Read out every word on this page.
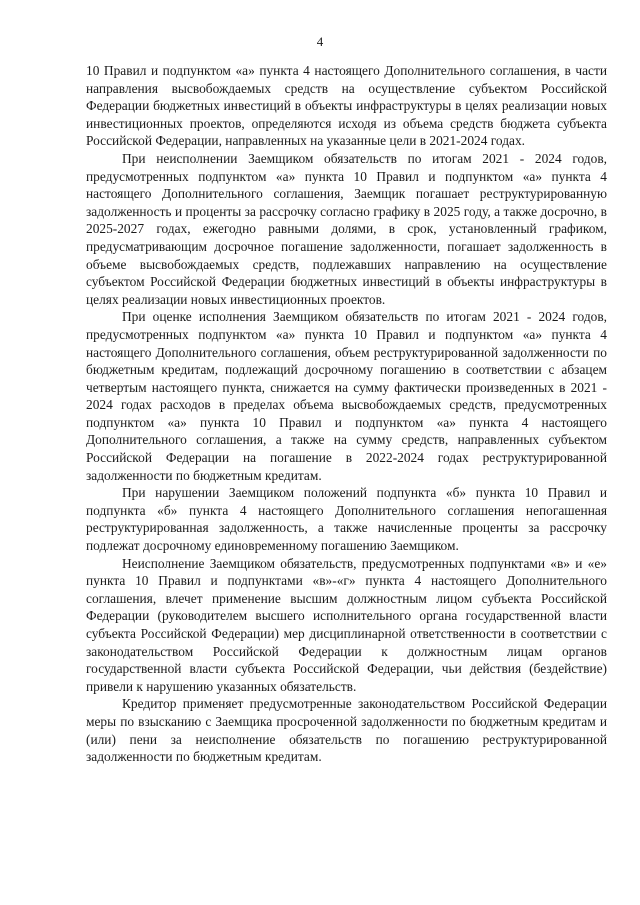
4

10 Правил и подпунктом «а» пункта 4 настоящего Дополнительного соглашения, в части направления высвобождаемых средств на осуществление субъектом Российской Федерации бюджетных инвестиций в объекты инфраструктуры в целях реализации новых инвестиционных проектов, определяются исходя из объема средств бюджета субъекта Российской Федерации, направленных на указанные цели в 2021-2024 годах.

При неисполнении Заемщиком обязательств по итогам 2021 - 2024 годов, предусмотренных подпунктом «а» пункта 10 Правил и подпунктом «а» пункта 4 настоящего Дополнительного соглашения, Заемщик погашает реструктурированную задолженность и проценты за рассрочку согласно графику в 2025 году, а также досрочно, в 2025-2027 годах, ежегодно равными долями, в срок, установленный графиком, предусматривающим досрочное погашение задолженности, погашает задолженность в объеме высвобождаемых средств, подлежавших направлению на осуществление субъектом Российской Федерации бюджетных инвестиций в объекты инфраструктуры в целях реализации новых инвестиционных проектов.

При оценке исполнения Заемщиком обязательств по итогам 2021 - 2024 годов, предусмотренных подпунктом «а» пункта 10 Правил и подпунктом «а» пункта 4 настоящего Дополнительного соглашения, объем реструктурированной задолженности по бюджетным кредитам, подлежащий досрочному погашению в соответствии с абзацем четвертым настоящего пункта, снижается на сумму фактически произведенных в 2021 - 2024 годах расходов в пределах объема высвобождаемых средств, предусмотренных подпунктом «а» пункта 10 Правил и подпунктом «а» пункта 4 настоящего Дополнительного соглашения, а также на сумму средств, направленных субъектом Российской Федерации на погашение в 2022-2024 годах реструктурированной задолженности по бюджетным кредитам.

При нарушении Заемщиком положений подпункта «б» пункта 10 Правил и подпункта «б» пункта 4 настоящего Дополнительного соглашения непогашенная реструктурированная задолженность, а также начисленные проценты за рассрочку подлежат досрочному единовременному погашению Заемщиком.

Неисполнение Заемщиком обязательств, предусмотренных подпунктами «в» и «е» пункта 10 Правил и подпунктами «в»-«г» пункта 4 настоящего Дополнительного соглашения, влечет применение высшим должностным лицом субъекта Российской Федерации (руководителем высшего исполнительного органа государственной власти субъекта Российской Федерации) мер дисциплинарной ответственности в соответствии с законодательством Российской Федерации к должностным лицам органов государственной власти субъекта Российской Федерации, чьи действия (бездействие) привели к нарушению указанных обязательств.

Кредитор применяет предусмотренные законодательством Российской Федерации меры по взысканию с Заемщика просроченной задолженности по бюджетным кредитам и (или) пени за неисполнение обязательств по погашению реструктурированной задолженности по бюджетным кредитам.
